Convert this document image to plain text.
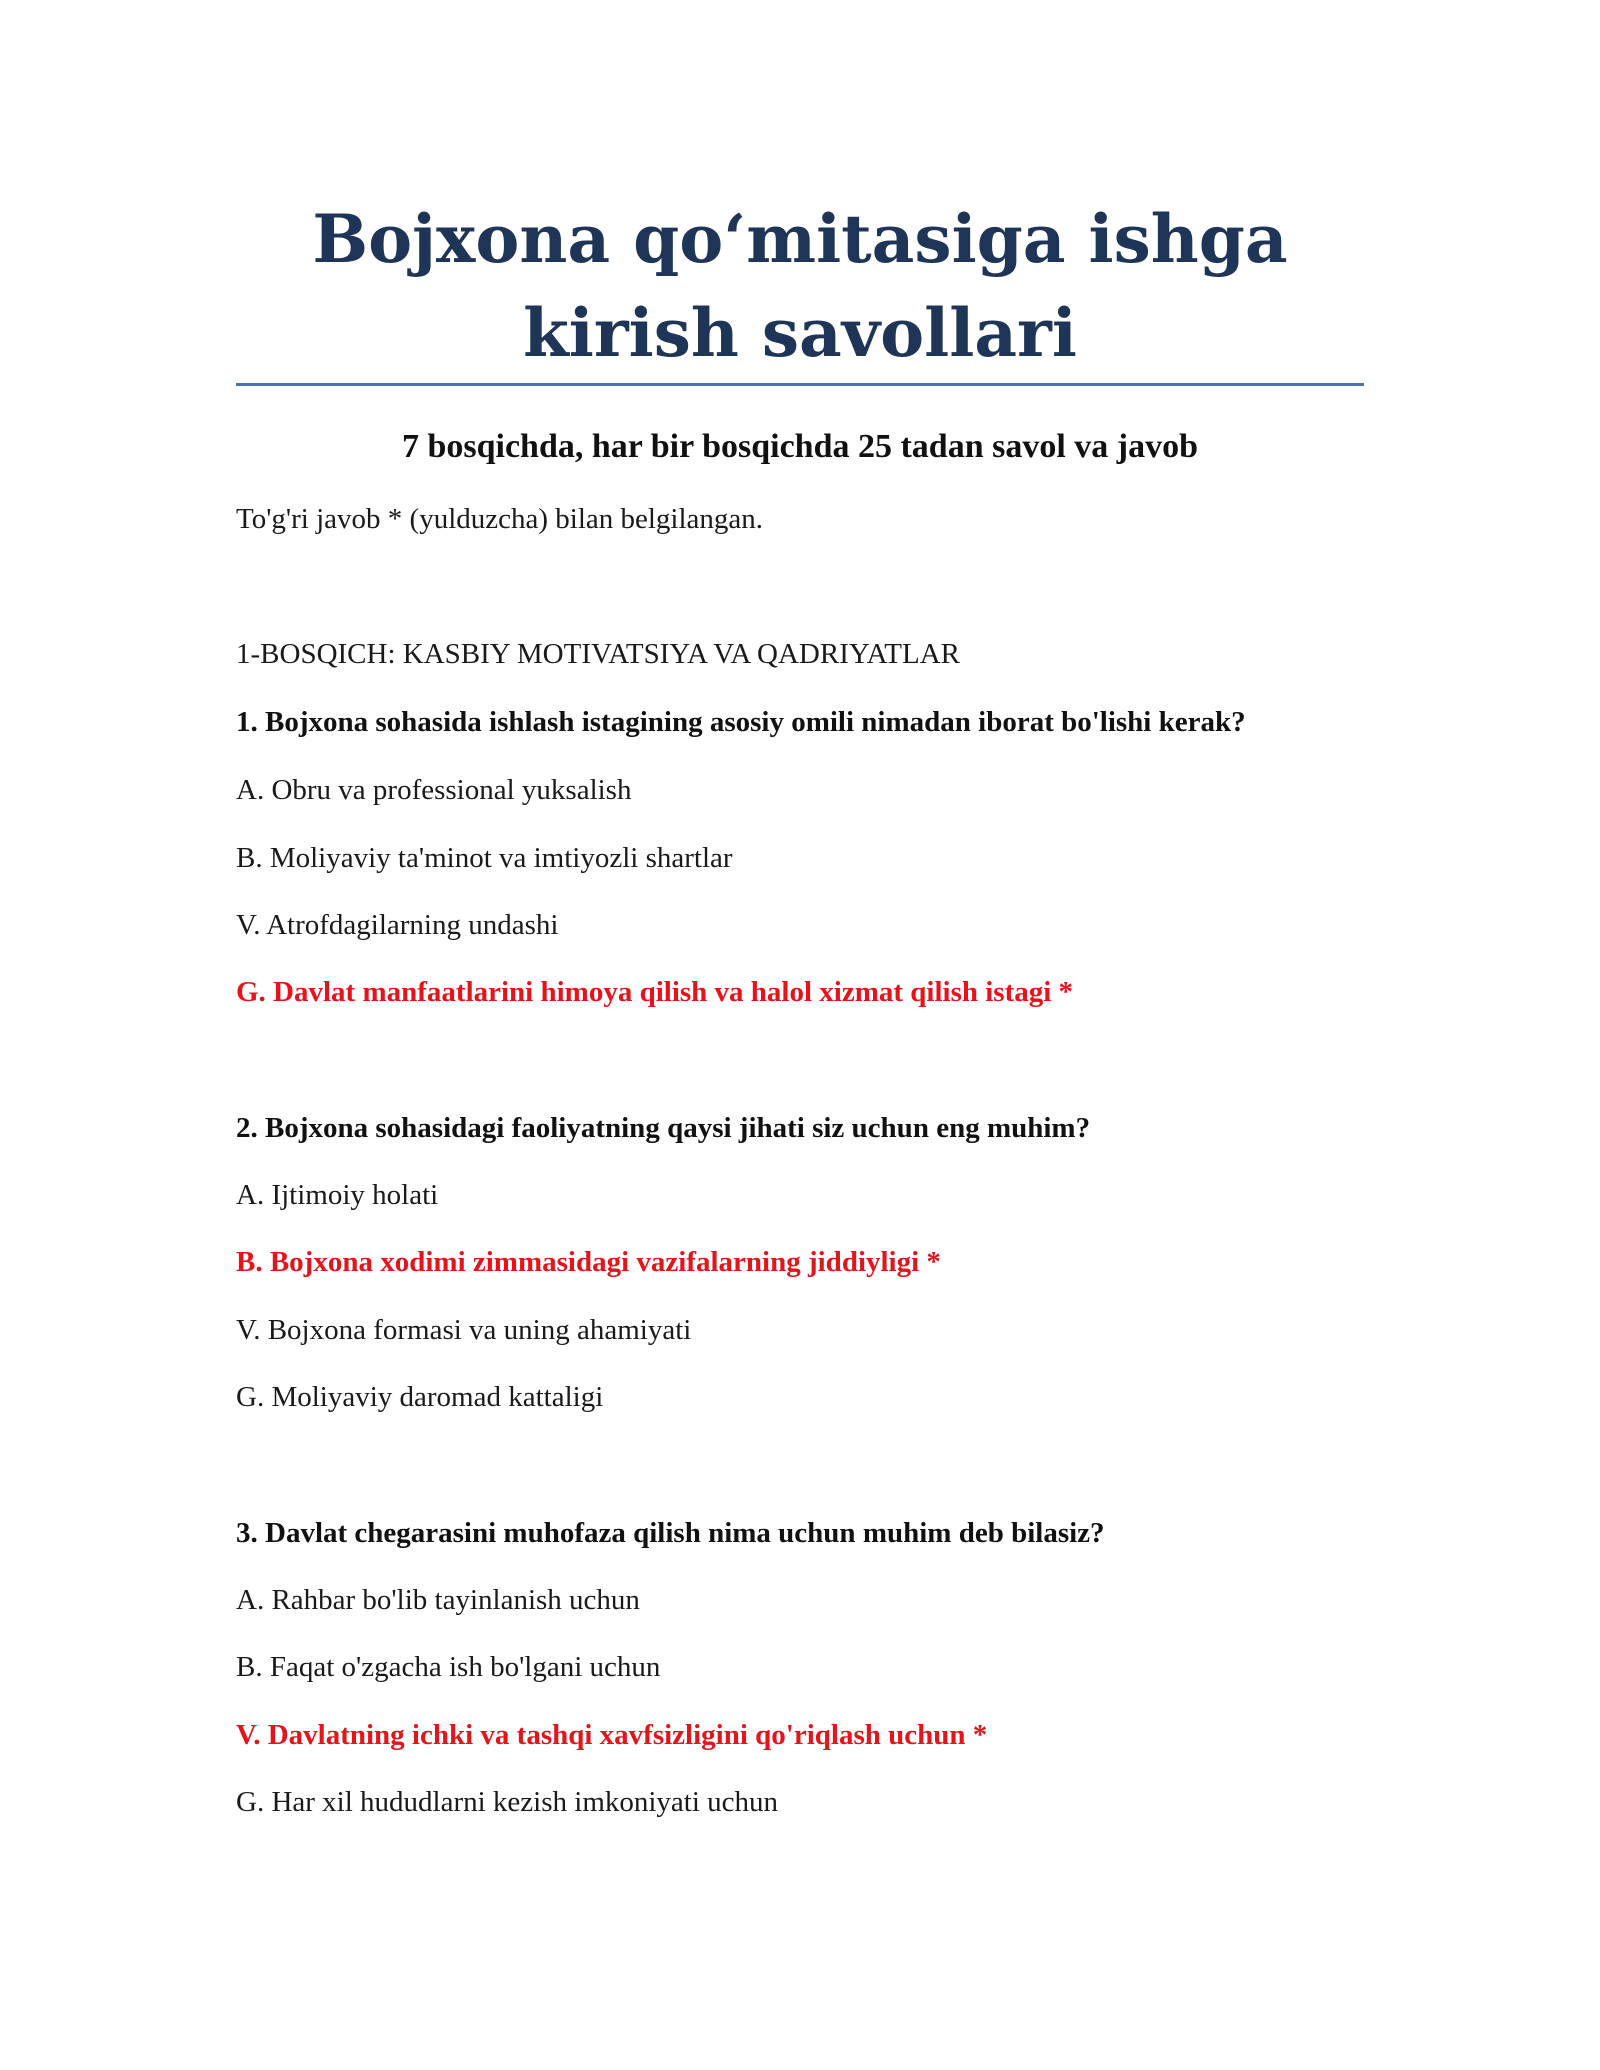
Bojxona qo‘mitasiga ishga
kirish savollari
7 bosqichda, har bir bosqichda 25 tadan savol va javob
To'g'ri javob * (yulduzcha) bilan belgilangan.
1-BOSQICH: KASBIY MOTIVATSIYA VA QADRIYATLAR
1. Bojxona sohasida ishlash istagining asosiy omili nimadan iborat bo'lishi kerak?
A. Obru va professional yuksalish
B. Moliyaviy ta'minot va imtiyozli shartlar
V. Atrofdagilarning undashi
G. Davlat manfaatlarini himoya qilish va halol xizmat qilish istagi *
2. Bojxona sohasidagi faoliyatning qaysi jihati siz uchun eng muhim?
A. Ijtimoiy holati
B. Bojxona xodimi zimmasidagi vazifalarning jiddiyligi *
V. Bojxona formasi va uning ahamiyati
G. Moliyaviy daromad kattaligi
3. Davlat chegarasini muhofaza qilish nima uchun muhim deb bilasiz?
A. Rahbar bo'lib tayinlanish uchun
B. Faqat o'zgacha ish bo'lgani uchun
V. Davlatning ichki va tashqi xavfsizligini qo'riqlash uchun *
G. Har xil hududlarni kezish imkoniyati uchun
